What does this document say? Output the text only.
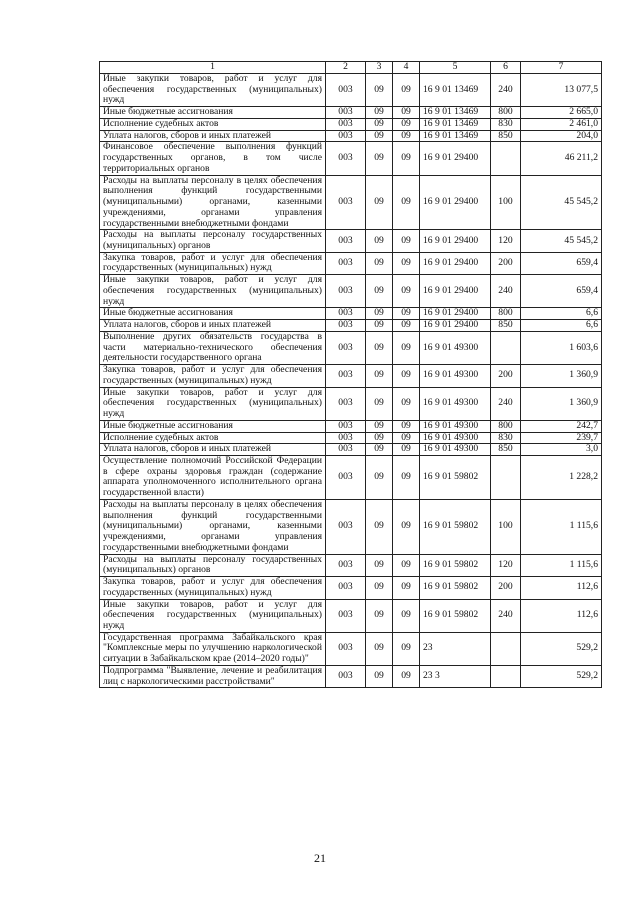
1	2	3	4	5	6	7
Иные закупки товаров, работ и услуг для обеспечения государственных (муниципальных) нужд	003	09	09	16 9 01 13469	240	13 077,5
Иные бюджетные ассигнования	003	09	09	16 9 01 13469	800	2 665,0
Исполнение судебных актов	003	09	09	16 9 01 13469	830	2 461,0
Уплата налогов, сборов и иных платежей	003	09	09	16 9 01 13469	850	204,0
Финансовое обеспечение выполнения функций государственных органов, в том числе территориальных органов	003	09	09	16 9 01 29400		46 211,2
Расходы на выплаты персоналу в целях обеспечения выполнения функций государственными (муниципальными) органами, казенными учреждениями, органами управления государственными внебюджетными фондами	003	09	09	16 9 01 29400	100	45 545,2
Расходы на выплаты персоналу государственных (муниципальных) органов	003	09	09	16 9 01 29400	120	45 545,2
Закупка товаров, работ и услуг для обеспечения государственных (муниципальных) нужд	003	09	09	16 9 01 29400	200	659,4
Иные закупки товаров, работ и услуг для обеспечения государственных (муниципальных) нужд	003	09	09	16 9 01 29400	240	659,4
Иные бюджетные ассигнования	003	09	09	16 9 01 29400	800	6,6
Уплата налогов, сборов и иных платежей	003	09	09	16 9 01 29400	850	6,6
Выполнение других обязательств государства в части материально-технического обеспечения деятельности государственного органа	003	09	09	16 9 01 49300		1 603,6
Закупка товаров, работ и услуг для обеспечения государственных (муниципальных) нужд	003	09	09	16 9 01 49300	200	1 360,9
Иные закупки товаров, работ и услуг для обеспечения государственных (муниципальных) нужд	003	09	09	16 9 01 49300	240	1 360,9
Иные бюджетные ассигнования	003	09	09	16 9 01 49300	800	242,7
Исполнение судебных актов	003	09	09	16 9 01 49300	830	239,7
Уплата налогов, сборов и иных платежей	003	09	09	16 9 01 49300	850	3,0
Осуществление полномочий Российской Федерации в сфере охраны здоровья граждан (содержание аппарата уполномоченного исполнительного органа государственной власти)	003	09	09	16 9 01 59802		1 228,2
Расходы на выплаты персоналу в целях обеспечения выполнения функций государственными (муниципальными) органами, казенными учреждениями, органами управления государственными внебюджетными фондами	003	09	09	16 9 01 59802	100	1 115,6
Расходы на выплаты персоналу государственных (муниципальных) органов	003	09	09	16 9 01 59802	120	1 115,6
Закупка товаров, работ и услуг для обеспечения государственных (муниципальных) нужд	003	09	09	16 9 01 59802	200	112,6
Иные закупки товаров, работ и услуг для обеспечения государственных (муниципальных) нужд	003	09	09	16 9 01 59802	240	112,6
Государственная программа Забайкальского края "Комплексные меры по улучшению наркологической ситуации в Забайкальском крае (2014–2020 годы)"	003	09	09	23		529,2
Подпрограмма "Выявление, лечение и реабилитация лиц с наркологическими расстройствами"	003	09	09	23 3		529,2
21
